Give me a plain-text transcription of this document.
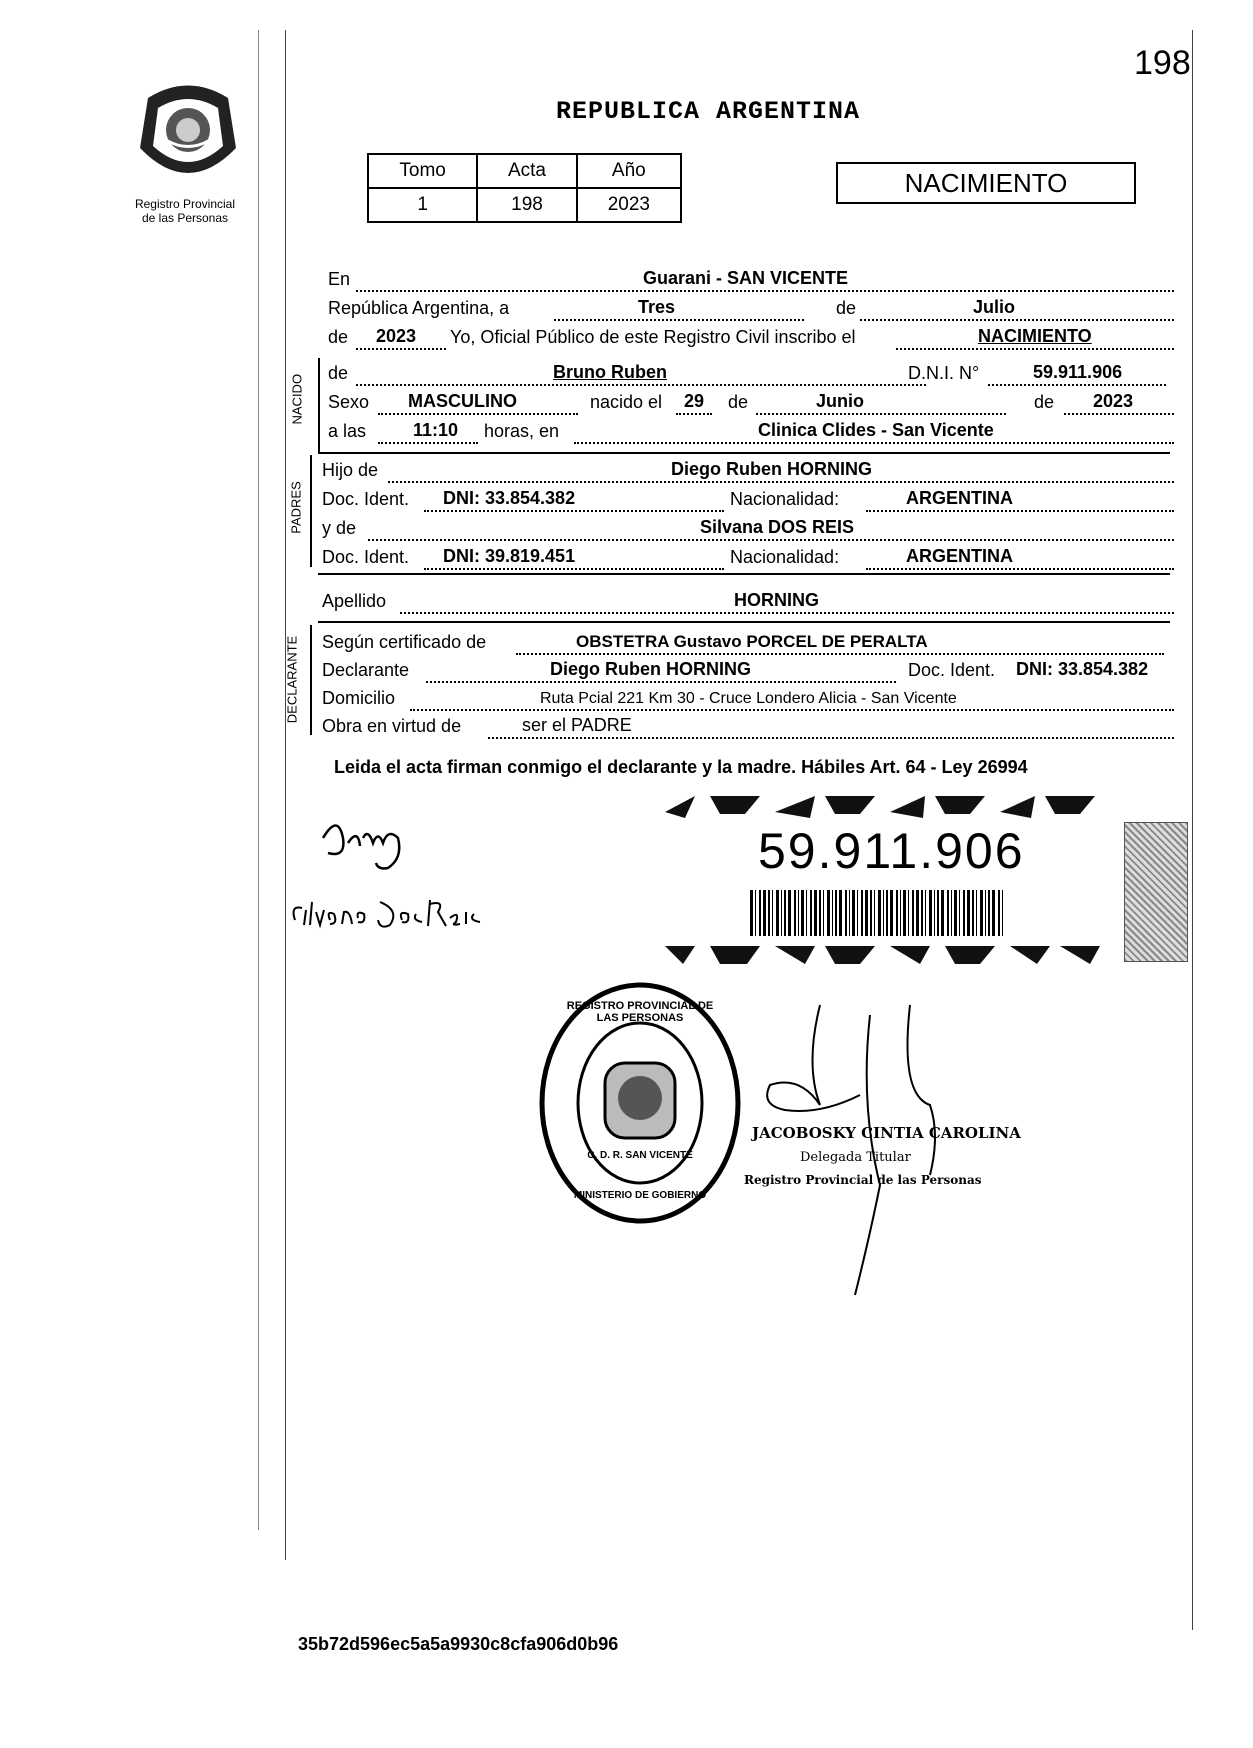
198
Registro Provincial
de las Personas
REPUBLICA ARGENTINA
Tomo	Acta	Año
1	198	2023
NACIMIENTO
En	Guarani - SAN VICENTE
República Argentina, a	Tres	de	Julio
de 2023 Yo, Oficial Público de este Registro Civil inscribo el	NACIMIENTO
NACIDO
de	Bruno Ruben	D.N.I. N°	59.911.906
Sexo MASCULINO	nacido el 29 de	Junio	de 2023
a las	11:10 horas, en	Clinica Clides - San Vicente
PADRES
Hijo de	Diego Ruben HORNING
Doc. Ident. DNI: 33.854.382	Nacionalidad:	ARGENTINA
y de	Silvana DOS REIS
Doc. Ident. DNI: 39.819.451	Nacionalidad:	ARGENTINA
Apellido	HORNING
DECLARANTE Según certificado de	OBSTETRA Gustavo PORCEL DE PERALTA
Declarante	Diego Ruben HORNING	Doc. Ident. DNI: 33.854.382
Domicilio	Ruta Pcial 221 Km 30 - Cruce Londero Alicia - San Vicente
Obra en virtud de	ser el PADRE
Leida el acta firman conmigo el declarante y la madre. Hábiles Art. 64 - Ley 26994
59.911.906
REGISTRO PROVINCIAL DE LAS PERSONAS
C. D. R. SAN VICENTE
MINISTERIO DE GOBIERNO
JACOBOSKY CINTIA CAROLINA
Delegada Titular
Registro Provincial de las Personas
35b72d596ec5a5a9930c8cfa906d0b96
